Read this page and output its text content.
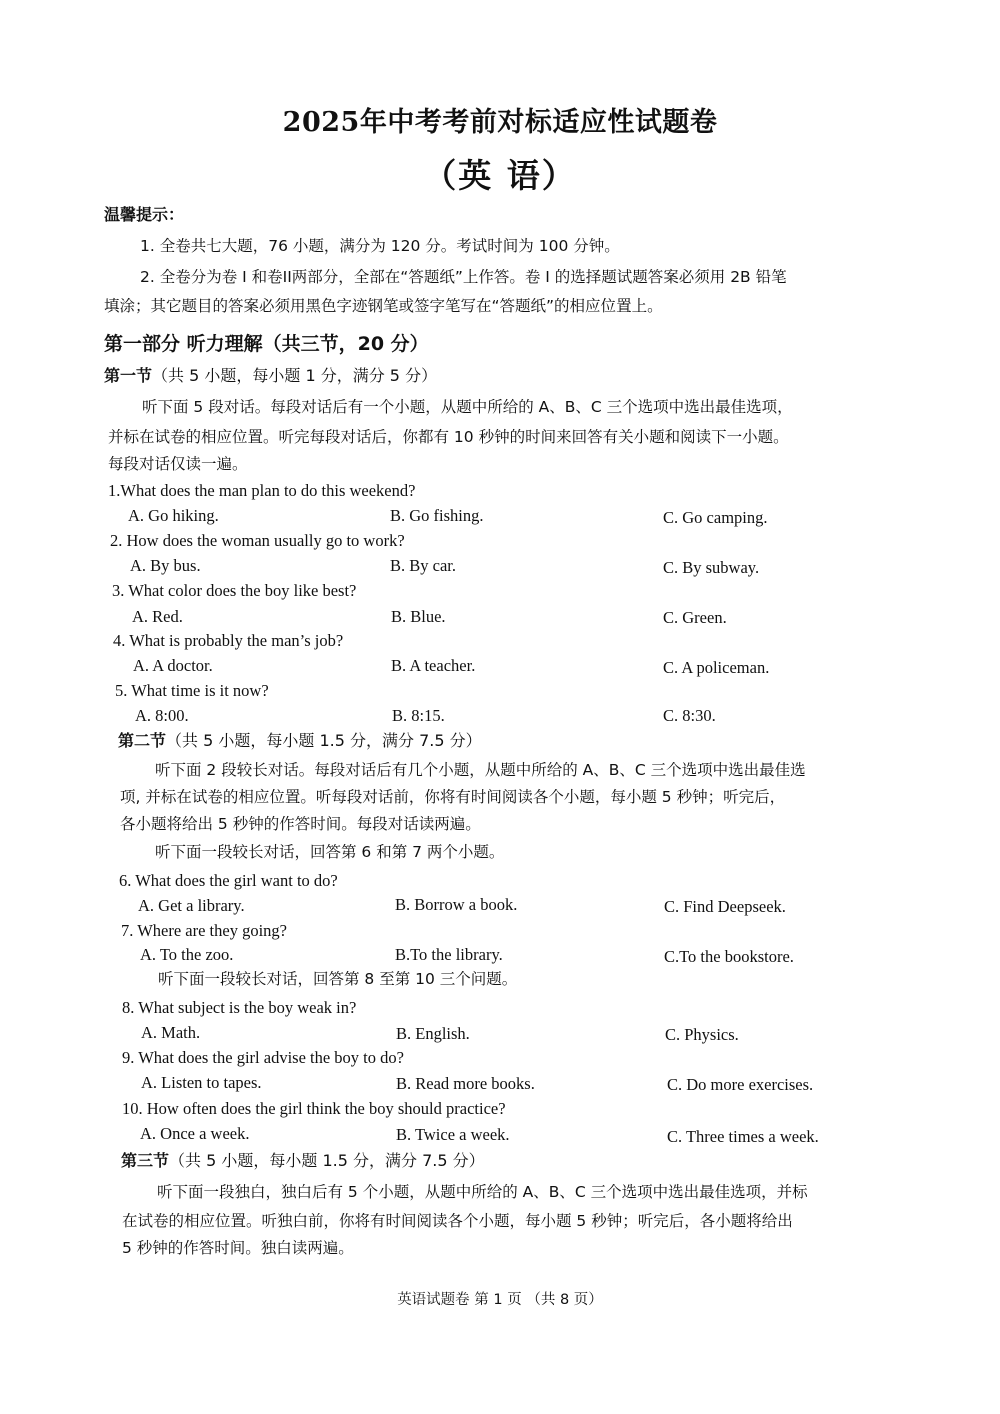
2025年中考考前对标适应性试题卷
（英 语）
温馨提示：
1. 全卷共七大题，76 小题，满分为 120 分。考试时间为 100 分钟。
2. 全卷分为卷 I 和卷II两部分，全部在“答题纸”上作答。卷 I 的选择题试题答案必须用 2B 铅笔
填涂；其它题目的答案必须用黑色字迹钢笔或签字笔写在“答题纸”的相应位置上。
第一部分 听力理解（共三节，20 分）
第一节（共 5 小题，每小题 1 分，满分 5 分）
听下面 5 段对话。每段对话后有一个小题，从题中所给的 A、B、C 三个选项中选出最佳选项，
并标在试卷的相应位置。听完每段对话后，你都有 10 秒钟的时间来回答有关小题和阅读下一小题。
每段对话仅读一遍。
1.What does the man plan to do this weekend?
A. Go hiking.	B. Go fishing.	C. Go camping.
2. How does the woman usually go to work?
A. By bus.	B. By car.	C. By subway.
3. What color does the boy like best?
A. Red.	B. Blue.	C. Green.
4. What is probably the man’s job?
A. A doctor.	B. A teacher.	C. A policeman.
5. What time is it now?
A. 8:00.	B. 8:15.	C. 8:30.
第二节（共 5 小题，每小题 1.5 分，满分 7.5 分）
听下面 2 段较长对话。每段对话后有几个小题，从题中所给的 A、B、C 三个选项中选出最佳选
项, 并标在试卷的相应位置。听每段对话前，你将有时间阅读各个小题，每小题 5 秒钟；听完后，
各小题将给出 5 秒钟的作答时间。每段对话读两遍。
听下面一段较长对话，回答第 6 和第 7 两个小题。
6. What does the girl want to do?
A. Get a library.	B. Borrow a book.	C. Find Deepseek.
7. Where are they going?
A. To the zoo.	B.To the library.	C.To the bookstore.
听下面一段较长对话，回答第 8 至第 10 三个问题。
8. What subject is the boy weak in?
A. Math.	B. English.	C. Physics.
9. What does the girl advise the boy to do?
A. Listen to tapes.	B. Read more books.	C. Do more exercises.
10. How often does the girl think the boy should practice?
A. Once a week.	B. Twice a week.	C. Three times a week.
第三节（共 5 小题，每小题 1.5 分，满分 7.5 分）
听下面一段独白，独白后有 5 个小题，从题中所给的 A、B、C 三个选项中选出最佳选项，并标
在试卷的相应位置。听独白前，你将有时间阅读各个小题，每小题 5 秒钟；听完后，各小题将给出
5 秒钟的作答时间。独白读两遍。
英语试题卷 第 1 页 （共 8 页）
